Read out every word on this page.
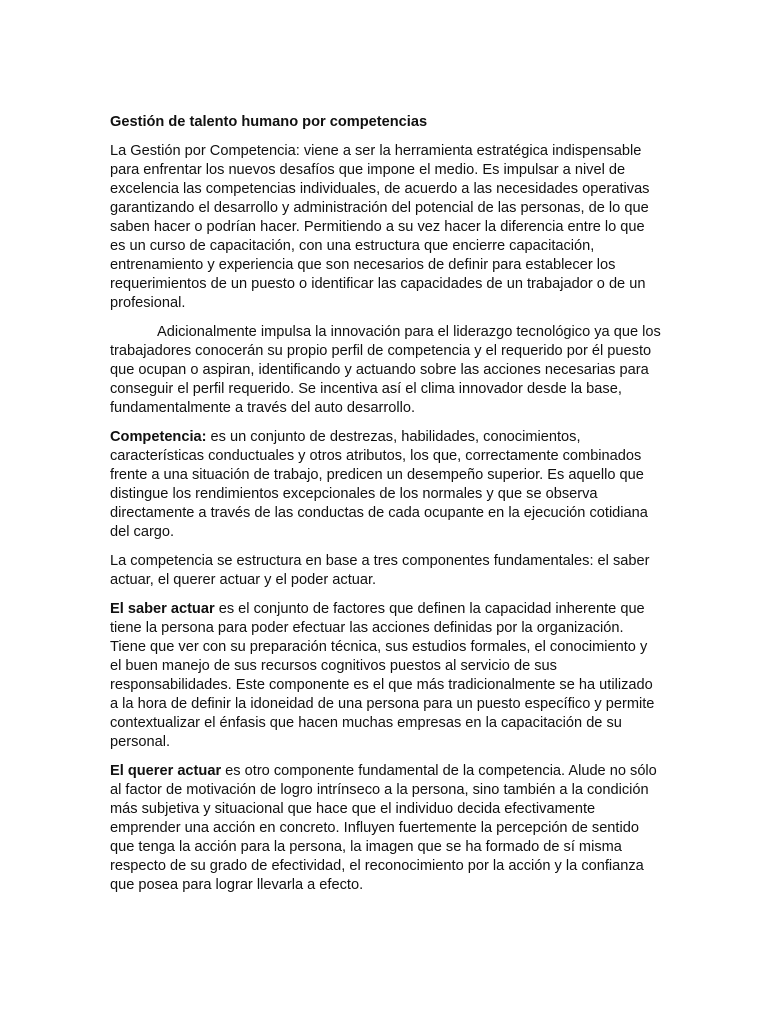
Gestión de talento humano por competencias

La Gestión por Competencia: viene a ser la herramienta estratégica indispensable para enfrentar los nuevos desafíos que impone el medio. Es impulsar a nivel de excelencia las competencias individuales, de acuerdo a las necesidades operativas garantizando el desarrollo y administración del potencial de las personas, de lo que saben hacer o podrían hacer. Permitiendo a su vez hacer la diferencia entre lo que es un curso de capacitación, con una estructura que encierre capacitación, entrenamiento y experiencia que son necesarios de definir para establecer los requerimientos de un puesto o identificar las capacidades de un trabajador o de un profesional.

Adicionalmente impulsa la innovación para el liderazgo tecnológico ya que los trabajadores conocerán su propio perfil de competencia y el requerido por él puesto que ocupan o aspiran, identificando y actuando sobre las acciones necesarias para conseguir el perfil requerido. Se incentiva así el clima innovador desde la base, fundamentalmente a través del auto desarrollo.

Competencia: es un conjunto de destrezas, habilidades, conocimientos, características conductuales y otros atributos, los que, correctamente combinados frente a una situación de trabajo, predicen un desempeño superior. Es aquello que distingue los rendimientos excepcionales de los normales y que se observa directamente a través de las conductas de cada ocupante en la ejecución cotidiana del cargo.

La competencia se estructura en base a tres componentes fundamentales: el saber actuar, el querer actuar y el poder actuar.

El saber actuar es el conjunto de factores que definen la capacidad inherente que tiene la persona para poder efectuar las acciones definidas por la organización. Tiene que ver con su preparación técnica, sus estudios formales, el conocimiento y el buen manejo de sus recursos cognitivos puestos al servicio de sus responsabilidades. Este componente es el que más tradicionalmente se ha utilizado a la hora de definir la idoneidad de una persona para un puesto específico y permite contextualizar el énfasis que hacen muchas empresas en la capacitación de su personal.

El querer actuar es otro componente fundamental de la competencia. Alude no sólo al factor de motivación de logro intrínseco a la persona, sino también a la condición más subjetiva y situacional que hace que el individuo decida efectivamente emprender una acción en concreto. Influyen fuertemente la percepción de sentido que tenga la acción para la persona, la imagen que se ha formado de sí misma respecto de su grado de efectividad, el reconocimiento por la acción y la confianza que posea para lograr llevarla a efecto.
